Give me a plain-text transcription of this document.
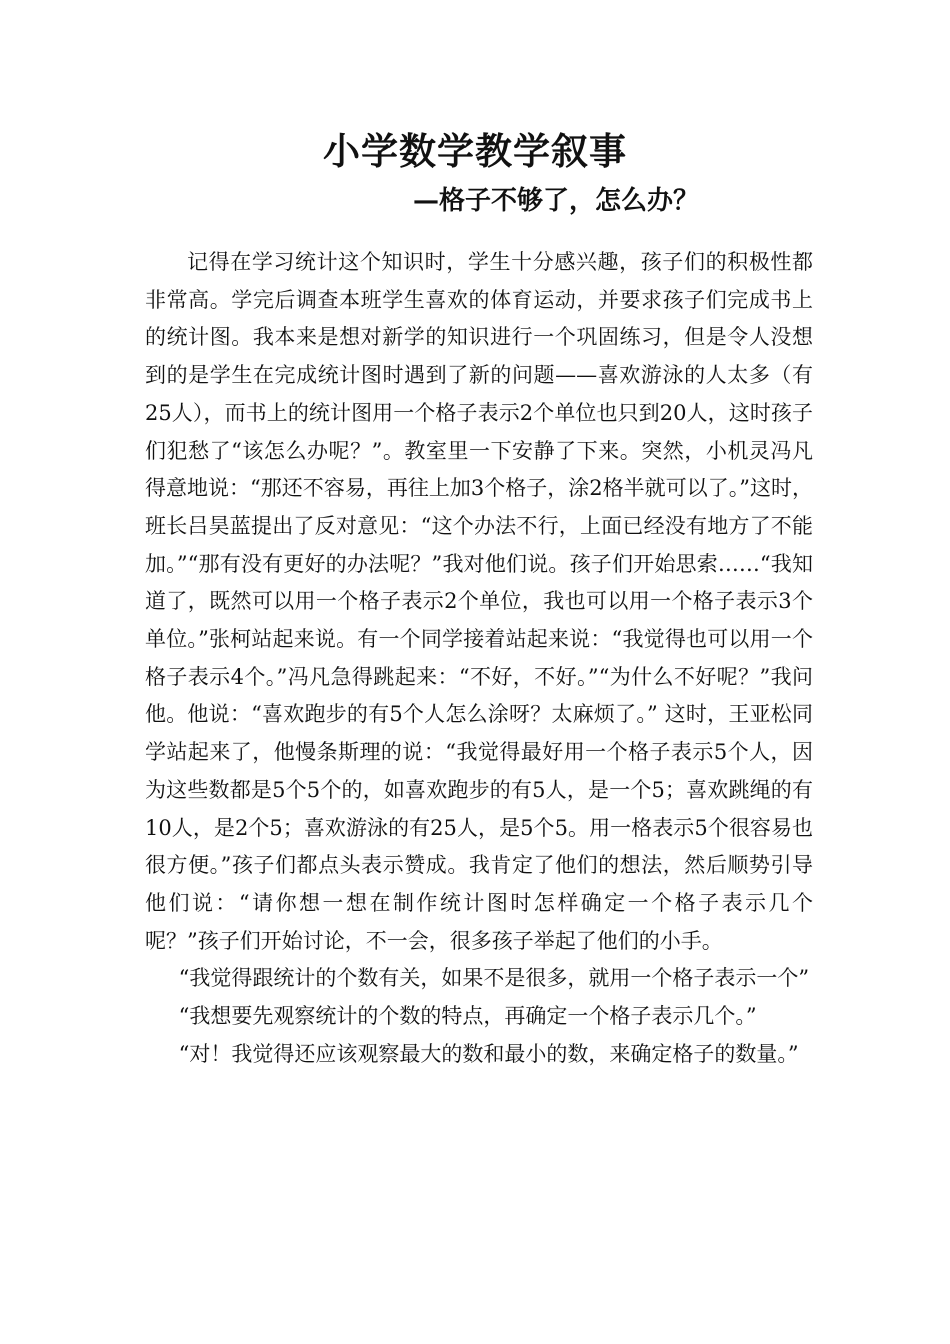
小学数学教学叙事
—格子不够了，怎么办？

记得在学习统计这个知识时，学生十分感兴趣，孩子们的积极性都非常高。学完后调查本班学生喜欢的体育运动，并要求孩子们完成书上的统计图。我本来是想对新学的知识进行一个巩固练习，但是令人没想到的是学生在完成统计图时遇到了新的问题——喜欢游泳的人太多（有25人），而书上的统计图用一个格子表示2个单位也只到20人，这时孩子们犯愁了“该怎么办呢？”。教室里一下安静了下来。突然，小机灵冯凡得意地说：“那还不容易，再往上加3个格子，涂2格半就可以了。”这时，班长吕昊蓝提出了反对意见：“这个办法不行，上面已经没有地方了不能加。”“那有没有更好的办法呢？”我对他们说。孩子们开始思索……“我知道了，既然可以用一个格子表示2个单位，我也可以用一个格子表示3个单位。”张柯站起来说。有一个同学接着站起来说：“我觉得也可以用一个格子表示4个。”冯凡急得跳起来：“不好，不好。”“为什么不好呢？”我问他。他说：“喜欢跑步的有5个人怎么涂呀？太麻烦了。” 这时，王亚松同学站起来了，他慢条斯理的说：“我觉得最好用一个格子表示5个人，因为这些数都是5个5个的，如喜欢跑步的有5人，是一个5；喜欢跳绳的有10人，是2个5；喜欢游泳的有25人，是5个5。用一格表示5个很容易也很方便。”孩子们都点头表示赞成。我肯定了他们的想法，然后顺势引导他们说：“请你想一想在制作统计图时怎样确定一个格子表示几个呢？”孩子们开始讨论，不一会，很多孩子举起了他们的小手。

“我觉得跟统计的个数有关，如果不是很多，就用一个格子表示一个”

“我想要先观察统计的个数的特点，再确定一个格子表示几个。”

“对！我觉得还应该观察最大的数和最小的数，来确定格子的数量。”
